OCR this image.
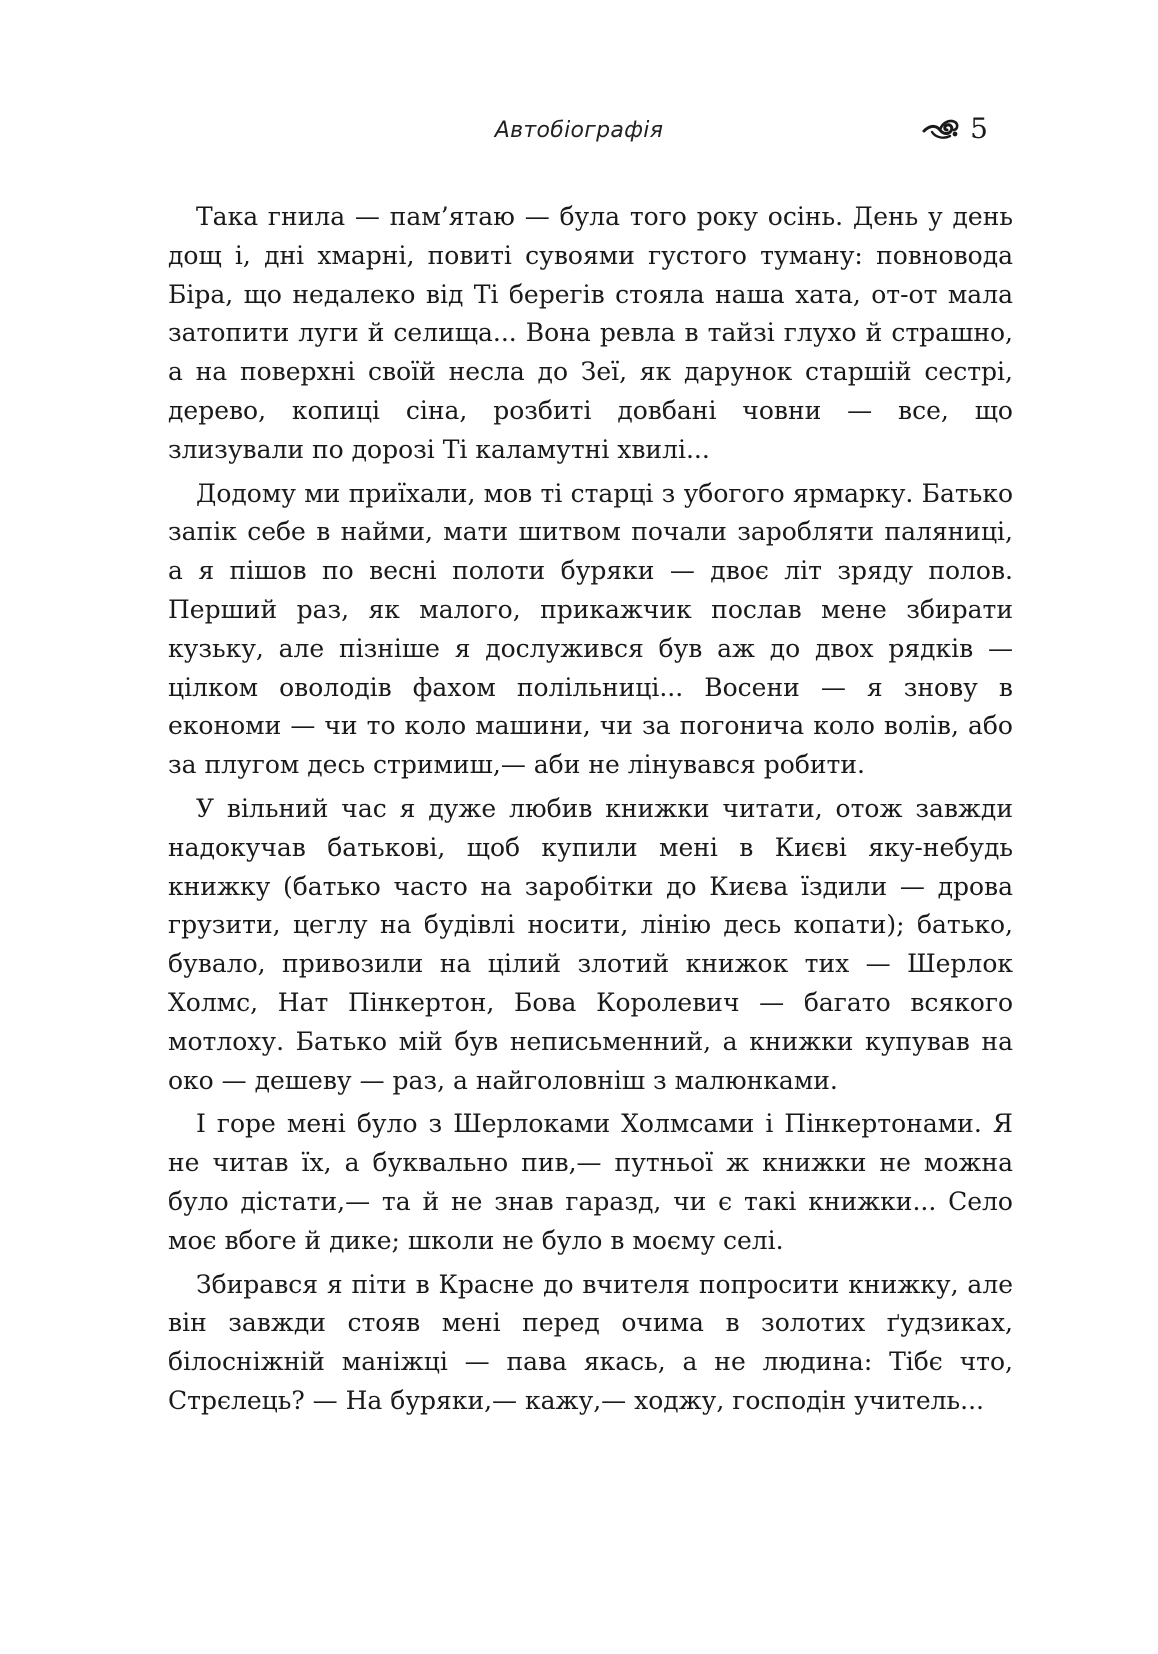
Автобіографія	5

Така гнила — пам’ятаю — була того року осінь. День у день дощ і, дні хмарні, повиті сувоями густого туману: повновода Біра, що недалеко від Ті берегів стояла наша хата, от-от мала затопити луги й селища... Вона ревла в тайзі глухо й страшно, а на поверхні своїй несла до Зеї, як дарунок старшій сестрі, дерево, копиці сіна, розбиті довбані човни — все, що злизували по дорозі Ті каламутні хвилі...

Додому ми приїхали, мов ті старці з убогого ярмарку. Батько запік себе в найми, мати шитвом почали заробляти паляниці, а я пішов по весні полоти буряки — двоє літ зряду полов. Перший раз, як малого, прикажчик послав мене збирати кузьку, але пізніше я дослужився був аж до двох рядків — цілком оволодів фахом полільниці... Восени — я знову в економи — чи то коло машини, чи за погонича коло волів, або за плугом десь стримиш,— аби не лінувався робити.

У вільний час я дуже любив книжки читати, отож завжди надокучав батькові, щоб купили мені в Києві яку-небудь книжку (батько часто на заробітки до Києва їздили — дрова грузити, цеглу на будівлі носити, лінію десь копати); батько, бувало, привозили на цілий злотий книжок тих — Шерлок Холмс, Нат Пінкертон, Бова Королевич — багато всякого мотлоху. Батько мій був неписьменний, а книжки купував на око — дешеву — раз, а найголовніш з малюнками.

І горе мені було з Шерлоками Холмсами і Пінкертонами. Я не читав їх, а буквально пив,— путньої ж книжки не можна було дістати,— та й не знав гаразд, чи є такі книжки... Село моє вбоге й дике; школи не було в моєму селі.

Збирався я піти в Красне до вчителя попросити книжку, але він завжди стояв мені перед очима в золотих ґудзиках, білосніжній маніжці — пава якась, а не людина: Тібє что, Стрєлець? — На буряки,— кажу,— ходжу, господін учитель...
